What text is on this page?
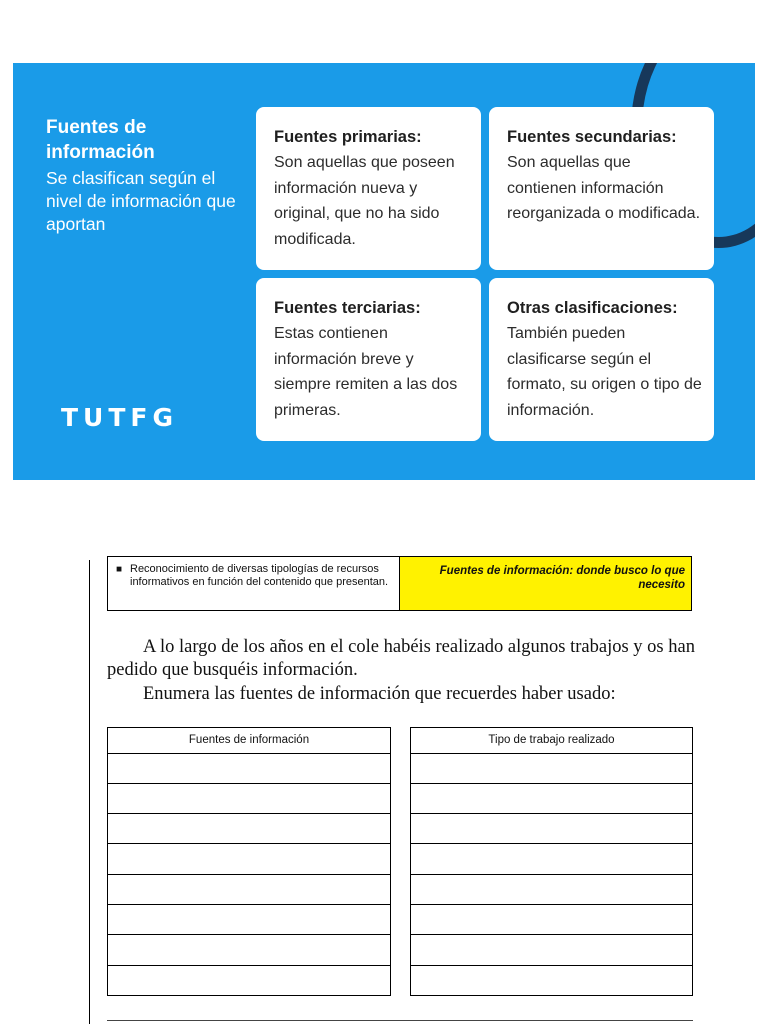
Fuentes de información
Se clasifican según el nivel de información que aportan
TUTFG
Fuentes primarias:
Son aquellas que poseen información nueva y original, que no ha sido modificada.
Fuentes secundarias:
Son aquellas que contienen información reorganizada o modificada.
Fuentes terciarias:
Estas contienen información breve y siempre remiten a las dos primeras.
Otras clasificaciones:
También pueden clasificarse según el formato, su origen o tipo de información.
■ Reconocimiento de diversas tipologías de recursos informativos en función del contenido que presentan.
Fuentes de información: donde busco lo que necesito
A lo largo de los años en el cole habéis realizado algunos trabajos y os han pedido que busquéis información.
Enumera las fuentes de información que recuerdes haber usado:
Fuentes de información	Tipo de trabajo realizado
